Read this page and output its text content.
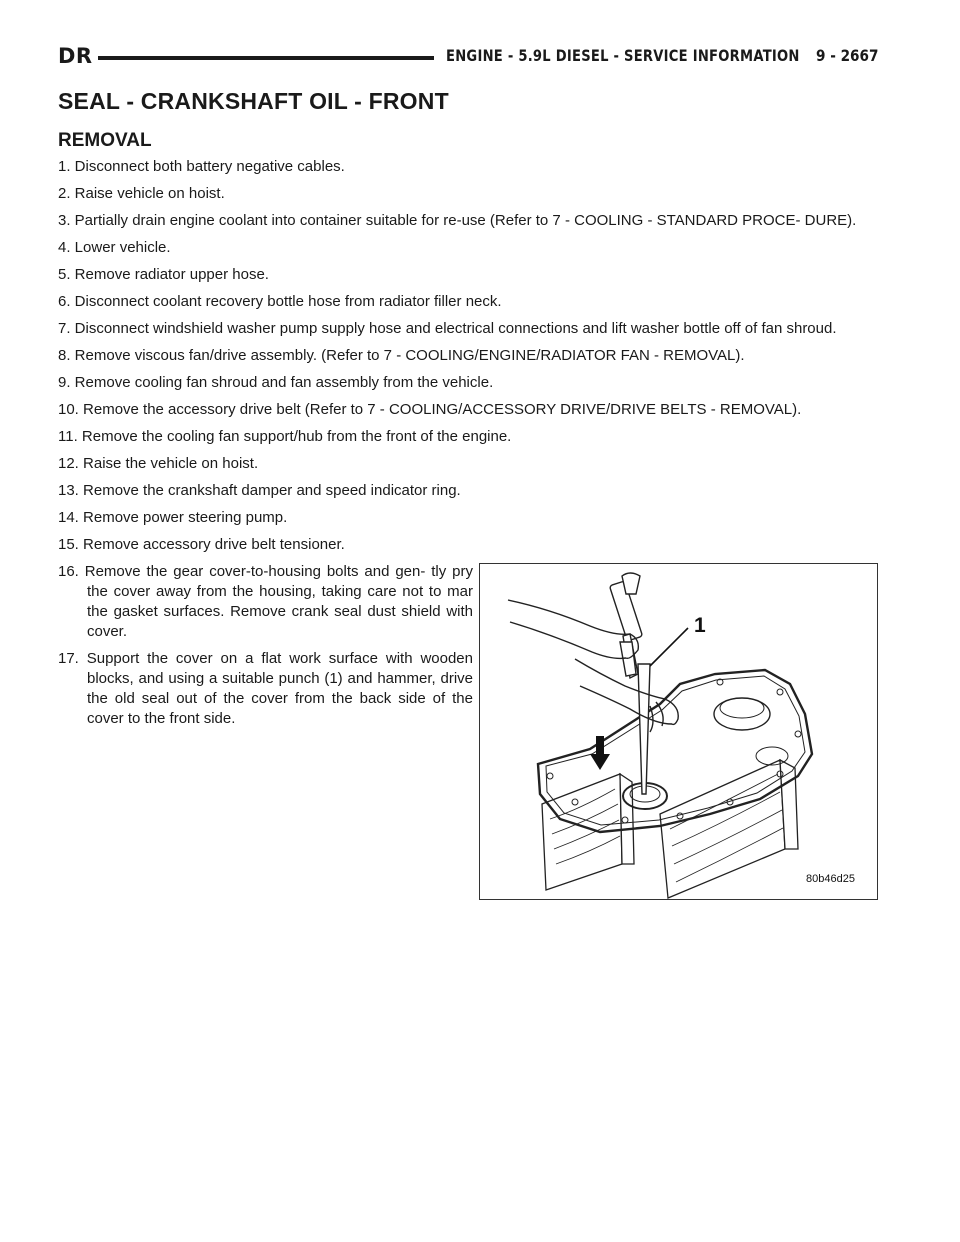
DR	ENGINE - 5.9L DIESEL - SERVICE INFORMATION 9 - 2667
SEAL - CRANKSHAFT OIL - FRONT
REMOVAL
1. Disconnect both battery negative cables.
2. Raise vehicle on hoist.
3. Partially drain engine coolant into container suitable for re-use (Refer to 7 - COOLING - STANDARD PROCE- DURE).
4. Lower vehicle.
5. Remove radiator upper hose.
6. Disconnect coolant recovery bottle hose from radiator filler neck.
7. Disconnect windshield washer pump supply hose and electrical connections and lift washer bottle off of fan shroud.
8. Remove viscous fan/drive assembly. (Refer to 7 - COOLING/ENGINE/RADIATOR FAN - REMOVAL).
9. Remove cooling fan shroud and fan assembly from the vehicle.
10. Remove the accessory drive belt (Refer to 7 - COOLING/ACCESSORY DRIVE/DRIVE BELTS - REMOVAL).
11. Remove the cooling fan support/hub from the front of the engine.
12. Raise the vehicle on hoist.
13. Remove the crankshaft damper and speed indicator ring.
14. Remove power steering pump.
15. Remove accessory drive belt tensioner.
16. Remove the gear cover-to-housing bolts and gen- tly pry the cover away from the housing, taking care not to mar the gasket surfaces. Remove crank seal dust shield with cover.
17. Support the cover on a flat work surface with wooden blocks, and using a suitable punch (1) and hammer, drive the old seal out of the cover from the back side of the cover to the front side.
1
80b46d25
